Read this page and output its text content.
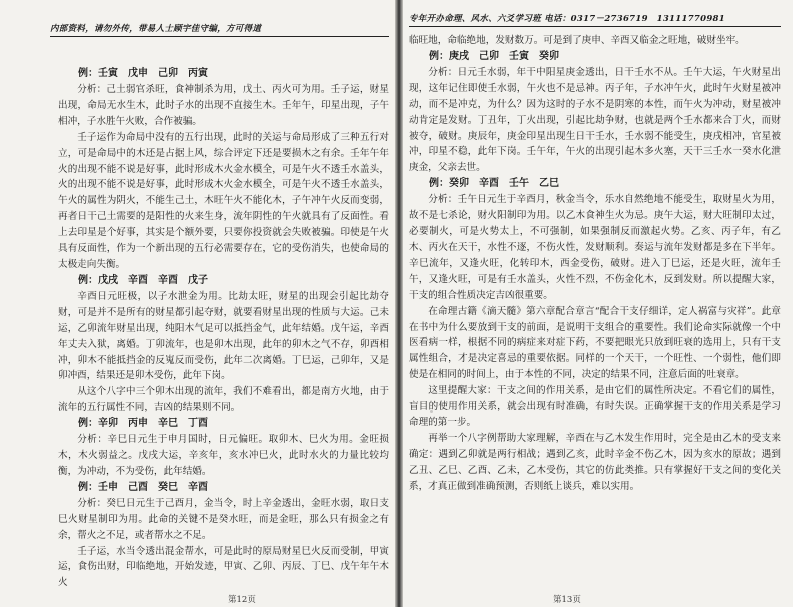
内部资料，请勿外传，带易人士顾宇佳守编，方可得道
例：壬寅　戊申　己卯　丙寅

分析：己土弱官杀旺，食神制杀为用，戊土、丙火可为用。壬子运，财星出现，命局无水生木，此时子水的出现不直接生木。壬年午，印星出现，子午相冲，子水胜午火败，合作被骗。

壬子运作为命局中没有的五行出现，此时的关运与命局形成了三种五行对立，可是命局中的木还是占据上风，综合评定下还是要损木之有余。壬年午年火的出现不能不说是好事，此时形成木火金水模全，可是午火不透壬水盖头，火的出现不能不说是好事，此时形成木火金水模全，可是午火不透壬水盖头，午火的属性为阴火，不能生己土，木旺午火不能化木，子午冲午火反而变弱，再者日干己土需要的是阳性的火来生身，流年阴性的午火就具有了反面性。看上去印星是个好事，其实是个额外要，只要你投资就会失败被骗。印使是午火具有反面性，作为一个新出现的五行必需要存在，它的受伤消失，也使命局的太极走向失衡。

例：戊戌　辛酉　辛酉　戊子

辛酉日元旺极，以子水泄金为用。比劫太旺，财星的出现会引起比劫夺财，可是并不是所有的财星都引起夺财，就要看财星出现的性质与大运。己未运，乙卯流年财星出现，纯阳木气足可以抵挡金气，此年结婚。戊午运，辛酉年丈夫入狱，离婚。丁卯流年，也是卯木出现，此年的卯木之气不存，卯酉相冲，卯木不能抵挡金的反嵬反而受伤，此年二次离婚。丁巳运，己卯年，又是卯冲酉，结果还是卯木受伤，此年下岗。

从这个八字中三个卯木出现的流年，我们不难看出，都是南方火地，由于流年的五行属性不同，吉凶的结果则不同。

例：辛卯　丙申　辛巳　丁酉

分析：辛巳日元生于申月国时，日元偏旺。取卯木、巳火为用。金旺损木，木火弱益之。戊戌大运，辛亥年，亥水冲巳火，此时水火的力量比较均衡，为冲动，不为受伤，此年结婚。

例：壬申　己酉　癸巳　辛酉

分析：癸巳日元生于己酉月，金当令，时上辛金透出，金旺水弱，取日支巳火财星制印为用。此命的关键不是癸水旺，而是金旺，那么只有损金之有余，帮火之不足，或者帮水之不足。

壬子运，水当令透出混金帮水，可是此时的原局财星巳火反而受制，甲寅运，食伤出财，印临绝地，开始发迹，甲寅、乙卯、丙辰、丁巳、戊午年午木火

第12页
专年开办命理、风水、六爻学习班 电话：0317－2736719　13111770981

临旺地，命临绝地，发财数万。可是到了庚申、辛酉又临金之旺地，破财坐牢。

例：庚戌　己卯　壬寅　癸卯

分析：日元壬水弱，年干中阳星庚金透出，日干壬水不从。壬午大运，午火财星出现，这年记住即使壬水弱，午火也不是忌神。丙子年，子水冲午火，此时午火财星被冲动，而不是冲克，为什么？因为这时的子水不是阴寒的本性，而午火为冲动，财星被冲动肯定是发财。丁丑年，丁火出现，引起比劫争财，也就是两个壬水都来合丁火，而财被夺，破财。庚辰年，庚金印星出现生日干壬水，壬水弱不能受生，庚戌相冲，官星被冲，印星不稳，此年下岗。壬午年，午火的出现引起木多火塞，天干三壬水一癸水化泄庚金，父亲去世。

例：癸卯　辛酉　壬午　乙巳

分析：壬午日元生于辛酉月，秋金当令，乐水自然绝地不能受生，取财星火为用，故不是七杀论，财火阳制印为用。以乙木食神生火为忌。庚午大运，财大旺制印太过，必要制火，可是火势太上，不可强制，如果强制反而激起火势。乙亥、丙子年，有乙木、丙火在天干，水性不逐，不伤火性，发财顺利。奏运与流年发财都是多在下半年。辛巳流年，又逢火旺，化转印木，西金受伤，破财。进入丁巳运，还是火旺，流年壬午，又逢火旺，可是有壬水盖头，火性不烈，不伤金化木，反到发财。所以提醒大家，干支的组合性质决定吉凶很重要。

在命理古籍《滴天髓》第六章配合章言“配合干支仔细详，定人祸富与灾祥”。此章在书中为什么要放到干支的前面，是说明干支组合的重要性。我们论命实际就像一个中医看病一样，根据不同的病症来对症下药，不要把眼光只放到旺衰的选用上，只有干支属性组合，才是决定喜忌的重要依据。同样的一个天干，一个旺性、一个弱性，他们即使是在相同的时间上，由于本性的不同，决定的结果不同，注意后面的吐衰章。

这里提醒大家：干支之间的作用关系，是由它们的属性所决定。不看它们的属性，盲目的使用作用关系，就会出现有时准确，有时失误。正确掌握干支的作用关系是学习命理的第一步。

再举一个八字例帮助大家理解，辛酉在与乙木发生作用时，完全是由乙木的受支来确定：遇到乙卯就是两行相战；遇到乙亥，此时辛金不伤乙木，因为亥水的原故；遇到乙丑、乙巳、乙酉、乙未，乙木受伤，其它的仿此类推。只有掌握好干支之间的变化关系，才真正做到准确预测，否则纸上谈兵，难以实用。

第13页
